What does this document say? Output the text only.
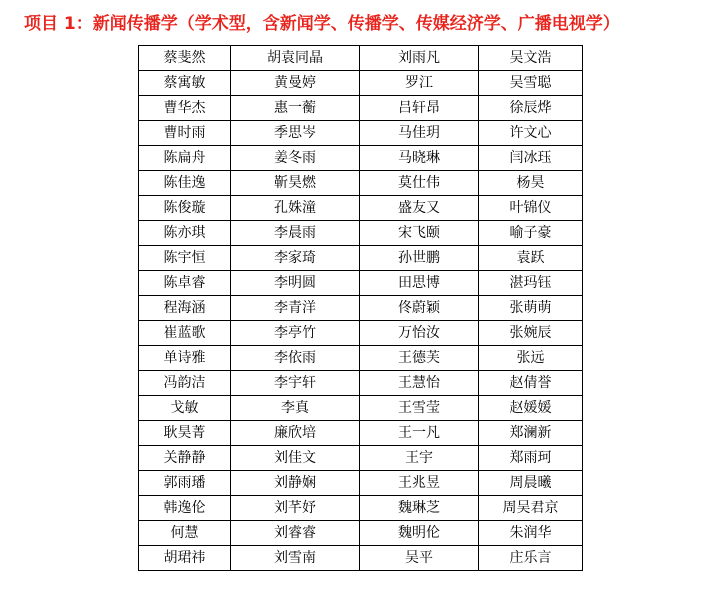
项目 1：新闻传播学（学术型，含新闻学、传播学、传媒经济学、广播电视学）
蔡斐然	胡袁同晶	刘雨凡	吴文浩
蔡寓敏	黄曼婷	罗江	吴雪聪
曹华杰	惠一蘅	吕轩昂	徐辰烨
曹时雨	季思岑	马佳玥	许文心
陈扁舟	姜冬雨	马晓琳	闫冰珏
陈佳逸	靳昊燃	莫仕伟	杨昊
陈俊璇	孔姝潼	盛友又	叶锦仪
陈亦琪	李晨雨	宋飞颐	喻子豪
陈宇恒	李家琦	孙世鹏	袁跃
陈卓睿	李明圆	田思博	湛玛钰
程海涵	李青洋	佟蔚颖	张萌萌
崔蓝歌	李亭竹	万怡汝	张婉辰
单诗雅	李依雨	王德芙	张远
冯韵洁	李宇轩	王慧怡	赵倩誉
戈敏	李真	王雪莹	赵媛媛
耿昊菁	廉欣培	王一凡	郑澜新
关静静	刘佳文	王宇	郑雨珂
郭雨璠	刘静娴	王兆昱	周晨曦
韩逸伦	刘芊妤	魏琳芝	周吴君京
何慧	刘睿睿	魏明伦	朱润华
胡珺祎	刘雪南	吴平	庄乐言
